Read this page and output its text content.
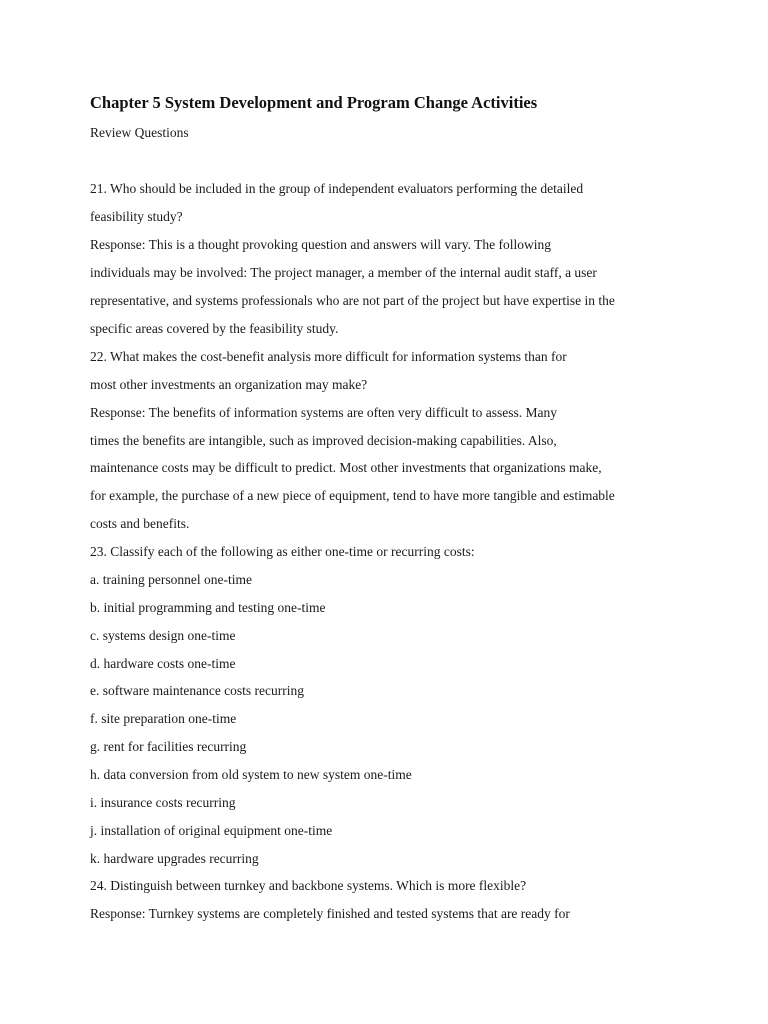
Chapter 5 System Development and Program Change Activities
Review Questions
21. Who should be included in the group of independent evaluators performing the detailed
feasibility study?
Response: This is a thought provoking question and answers will vary. The following
individuals may be involved: The project manager, a member of the internal audit staff, a user
representative, and systems professionals who are not part of the project but have expertise in the
specific areas covered by the feasibility study.
22. What makes the cost-benefit analysis more difficult for information systems than for
most other investments an organization may make?
Response: The benefits of information systems are often very difficult to assess. Many
times the benefits are intangible, such as improved decision-making capabilities. Also,
maintenance costs may be difficult to predict. Most other investments that organizations make,
for example, the purchase of a new piece of equipment, tend to have more tangible and estimable
costs and benefits.
23. Classify each of the following as either one-time or recurring costs:
a. training personnel one-time
b. initial programming and testing one-time
c. systems design one-time
d. hardware costs one-time
e. software maintenance costs recurring
f. site preparation one-time
g. rent for facilities recurring
h. data conversion from old system to new system one-time
i. insurance costs recurring
j. installation of original equipment one-time
k. hardware upgrades recurring
24. Distinguish between turnkey and backbone systems. Which is more flexible?
Response: Turnkey systems are completely finished and tested systems that are ready for
